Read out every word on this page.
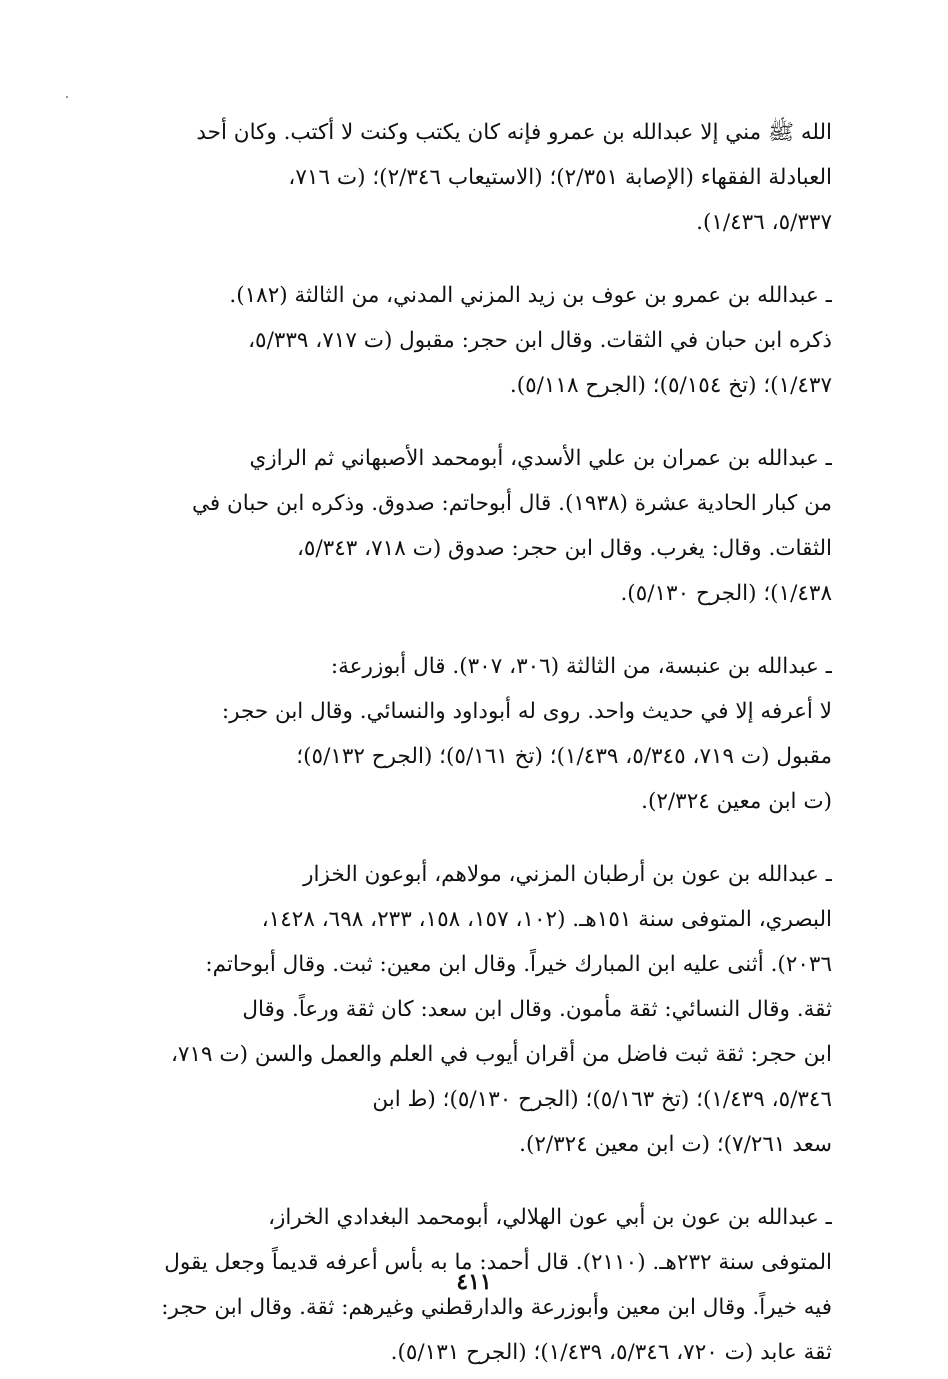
الله ﷺ مني إلا عبدالله بن عمرو فإنه كان يكتب وكنت لا أكتب. وكان أحد
العبادلة الفقهاء (الإصابة ٢/٣٥١)؛ (الاستيعاب ٢/٣٤٦)؛ (ت ٧١٦،
٥/٣٣٧، ١/٤٣٦).
ـ عبدالله بن عمرو بن عوف بن زيد المزني المدني، من الثالثة (١٨٢).
ذكره ابن حبان في الثقات. وقال ابن حجر: مقبول (ت ٧١٧، ٥/٣٣٩،
١/٤٣٧)؛ (تخ ٥/١٥٤)؛ (الجرح ٥/١١٨).
ـ عبدالله بن عمران بن علي الأسدي، أبومحمد الأصبهاني ثم الرازي
من كبار الحادية عشرة (١٩٣٨). قال أبوحاتم: صدوق. وذكره ابن حبان في
الثقات. وقال: يغرب. وقال ابن حجر: صدوق (ت ٧١٨، ٥/٣٤٣،
١/٤٣٨)؛ (الجرح ٥/١٣٠).
ـ عبدالله بن عنبسة، من الثالثة (٣٠٦، ٣٠٧). قال أبوزرعة:
لا أعرفه إلا في حديث واحد. روى له أبوداود والنسائي. وقال ابن حجر:
مقبول (ت ٧١٩، ٥/٣٤٥، ١/٤٣٩)؛ (تخ ٥/١٦١)؛ (الجرح ٥/١٣٢)؛
(ت ابن معين ٢/٣٢٤).
ـ عبدالله بن عون بن أرطبان المزني، مولاهم، أبوعون الخزار
البصري، المتوفى سنة ١٥١هـ. (١٠٢، ١٥٧، ١٥٨، ٢٣٣، ٦٩٨، ١٤٢٨،
٢٠٣٦). أثنى عليه ابن المبارك خيراً. وقال ابن معين: ثبت. وقال أبوحاتم:
ثقة. وقال النسائي: ثقة مأمون. وقال ابن سعد: كان ثقة ورعاً. وقال
ابن حجر: ثقة ثبت فاضل من أقران أيوب في العلم والعمل والسن (ت ٧١٩،
٥/٣٤٦، ١/٤٣٩)؛ (تخ ٥/١٦٣)؛ (الجرح ٥/١٣٠)؛ (ط ابن
سعد ٧/٢٦١)؛ (ت ابن معين ٢/٣٢٤).
ـ عبدالله بن عون بن أبي عون الهلالي، أبومحمد البغدادي الخراز،
المتوفى سنة ٢٣٢هـ. (٢١١٠). قال أحمد: ما به بأس أعرفه قديماً وجعل يقول
فيه خيراً. وقال ابن معين وأبوزرعة والدارقطني وغيرهم: ثقة. وقال ابن حجر:
ثقة عابد (ت ٧٢٠، ٥/٣٤٦، ١/٤٣٩)؛ (الجرح ٥/١٣١).
٤١١
